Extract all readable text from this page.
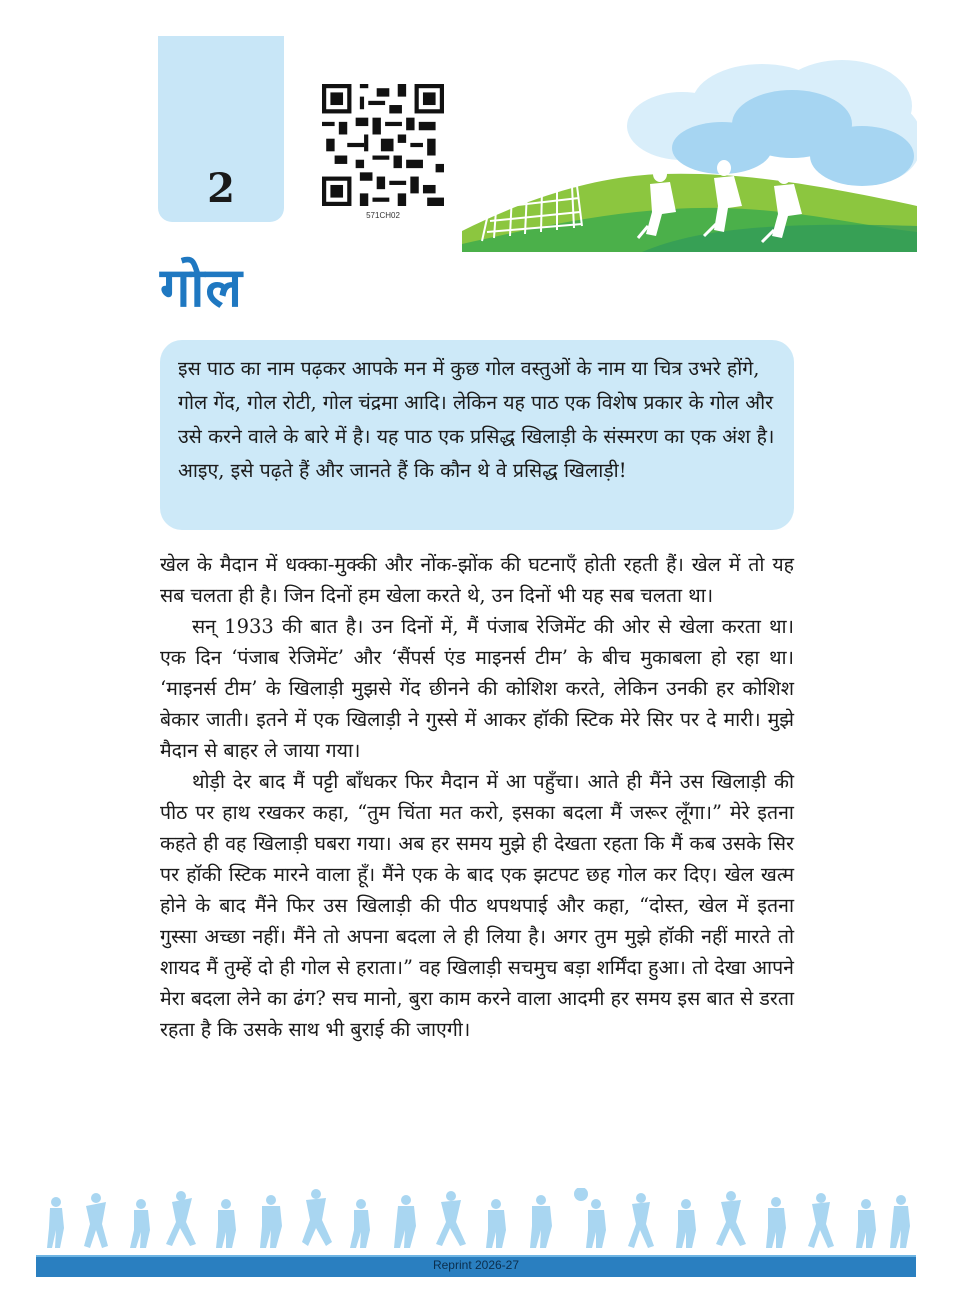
2
571CH02
गोल

इस पाठ का नाम पढ़कर आपके मन में कुछ गोल वस्तुओं के नाम या चित्र उभरे होंगे, गोल गेंद, गोल रोटी, गोल चंद्रमा आदि। लेकिन यह पाठ एक विशेष प्रकार के गोल और उसे करने वाले के बारे में है। यह पाठ एक प्रसिद्ध खिलाड़ी के संस्मरण का एक अंश है। आइए, इसे पढ़ते हैं और जानते हैं कि कौन थे वे प्रसिद्ध खिलाड़ी!

खेल के मैदान में धक्का-मुक्की और नोंक-झोंक की घटनाएँ होती रहती हैं। खेल में तो यह सब चलता ही है। जिन दिनों हम खेला करते थे, उन दिनों भी यह सब चलता था।

सन् 1933 की बात है। उन दिनों में, मैं पंजाब रेजिमेंट की ओर से खेला करता था। एक दिन ‘पंजाब रेजिमेंट’ और ‘सैंपर्स एंड माइनर्स टीम’ के बीच मुकाबला हो रहा था। ‘माइनर्स टीम’ के खिलाड़ी मुझसे गेंद छीनने की कोशिश करते, लेकिन उनकी हर कोशिश बेकार जाती। इतने में एक खिलाड़ी ने गुस्से में आकर हॉकी स्टिक मेरे सिर पर दे मारी। मुझे मैदान से बाहर ले जाया गया।

थोड़ी देर बाद मैं पट्टी बाँधकर फिर मैदान में आ पहुँचा। आते ही मैंने उस खिलाड़ी की पीठ पर हाथ रखकर कहा, “तुम चिंता मत करो, इसका बदला मैं जरूर लूँगा।” मेरे इतना कहते ही वह खिलाड़ी घबरा गया। अब हर समय मुझे ही देखता रहता कि मैं कब उसके सिर पर हॉकी स्टिक मारने वाला हूँ। मैंने एक के बाद एक झटपट छह गोल कर दिए। खेल खत्म होने के बाद मैंने फिर उस खिलाड़ी की पीठ थपथपाई और कहा, “दोस्त, खेल में इतना गुस्सा अच्छा नहीं। मैंने तो अपना बदला ले ही लिया है। अगर तुम मुझे हॉकी नहीं मारते तो शायद मैं तुम्हें दो ही गोल से हराता।” वह खिलाड़ी सचमुच बड़ा शर्मिंदा हुआ। तो देखा आपने मेरा बदला लेने का ढंग? सच मानो, बुरा काम करने वाला आदमी हर समय इस बात से डरता रहता है कि उसके साथ भी बुराई की जाएगी।

Reprint 2026-27
